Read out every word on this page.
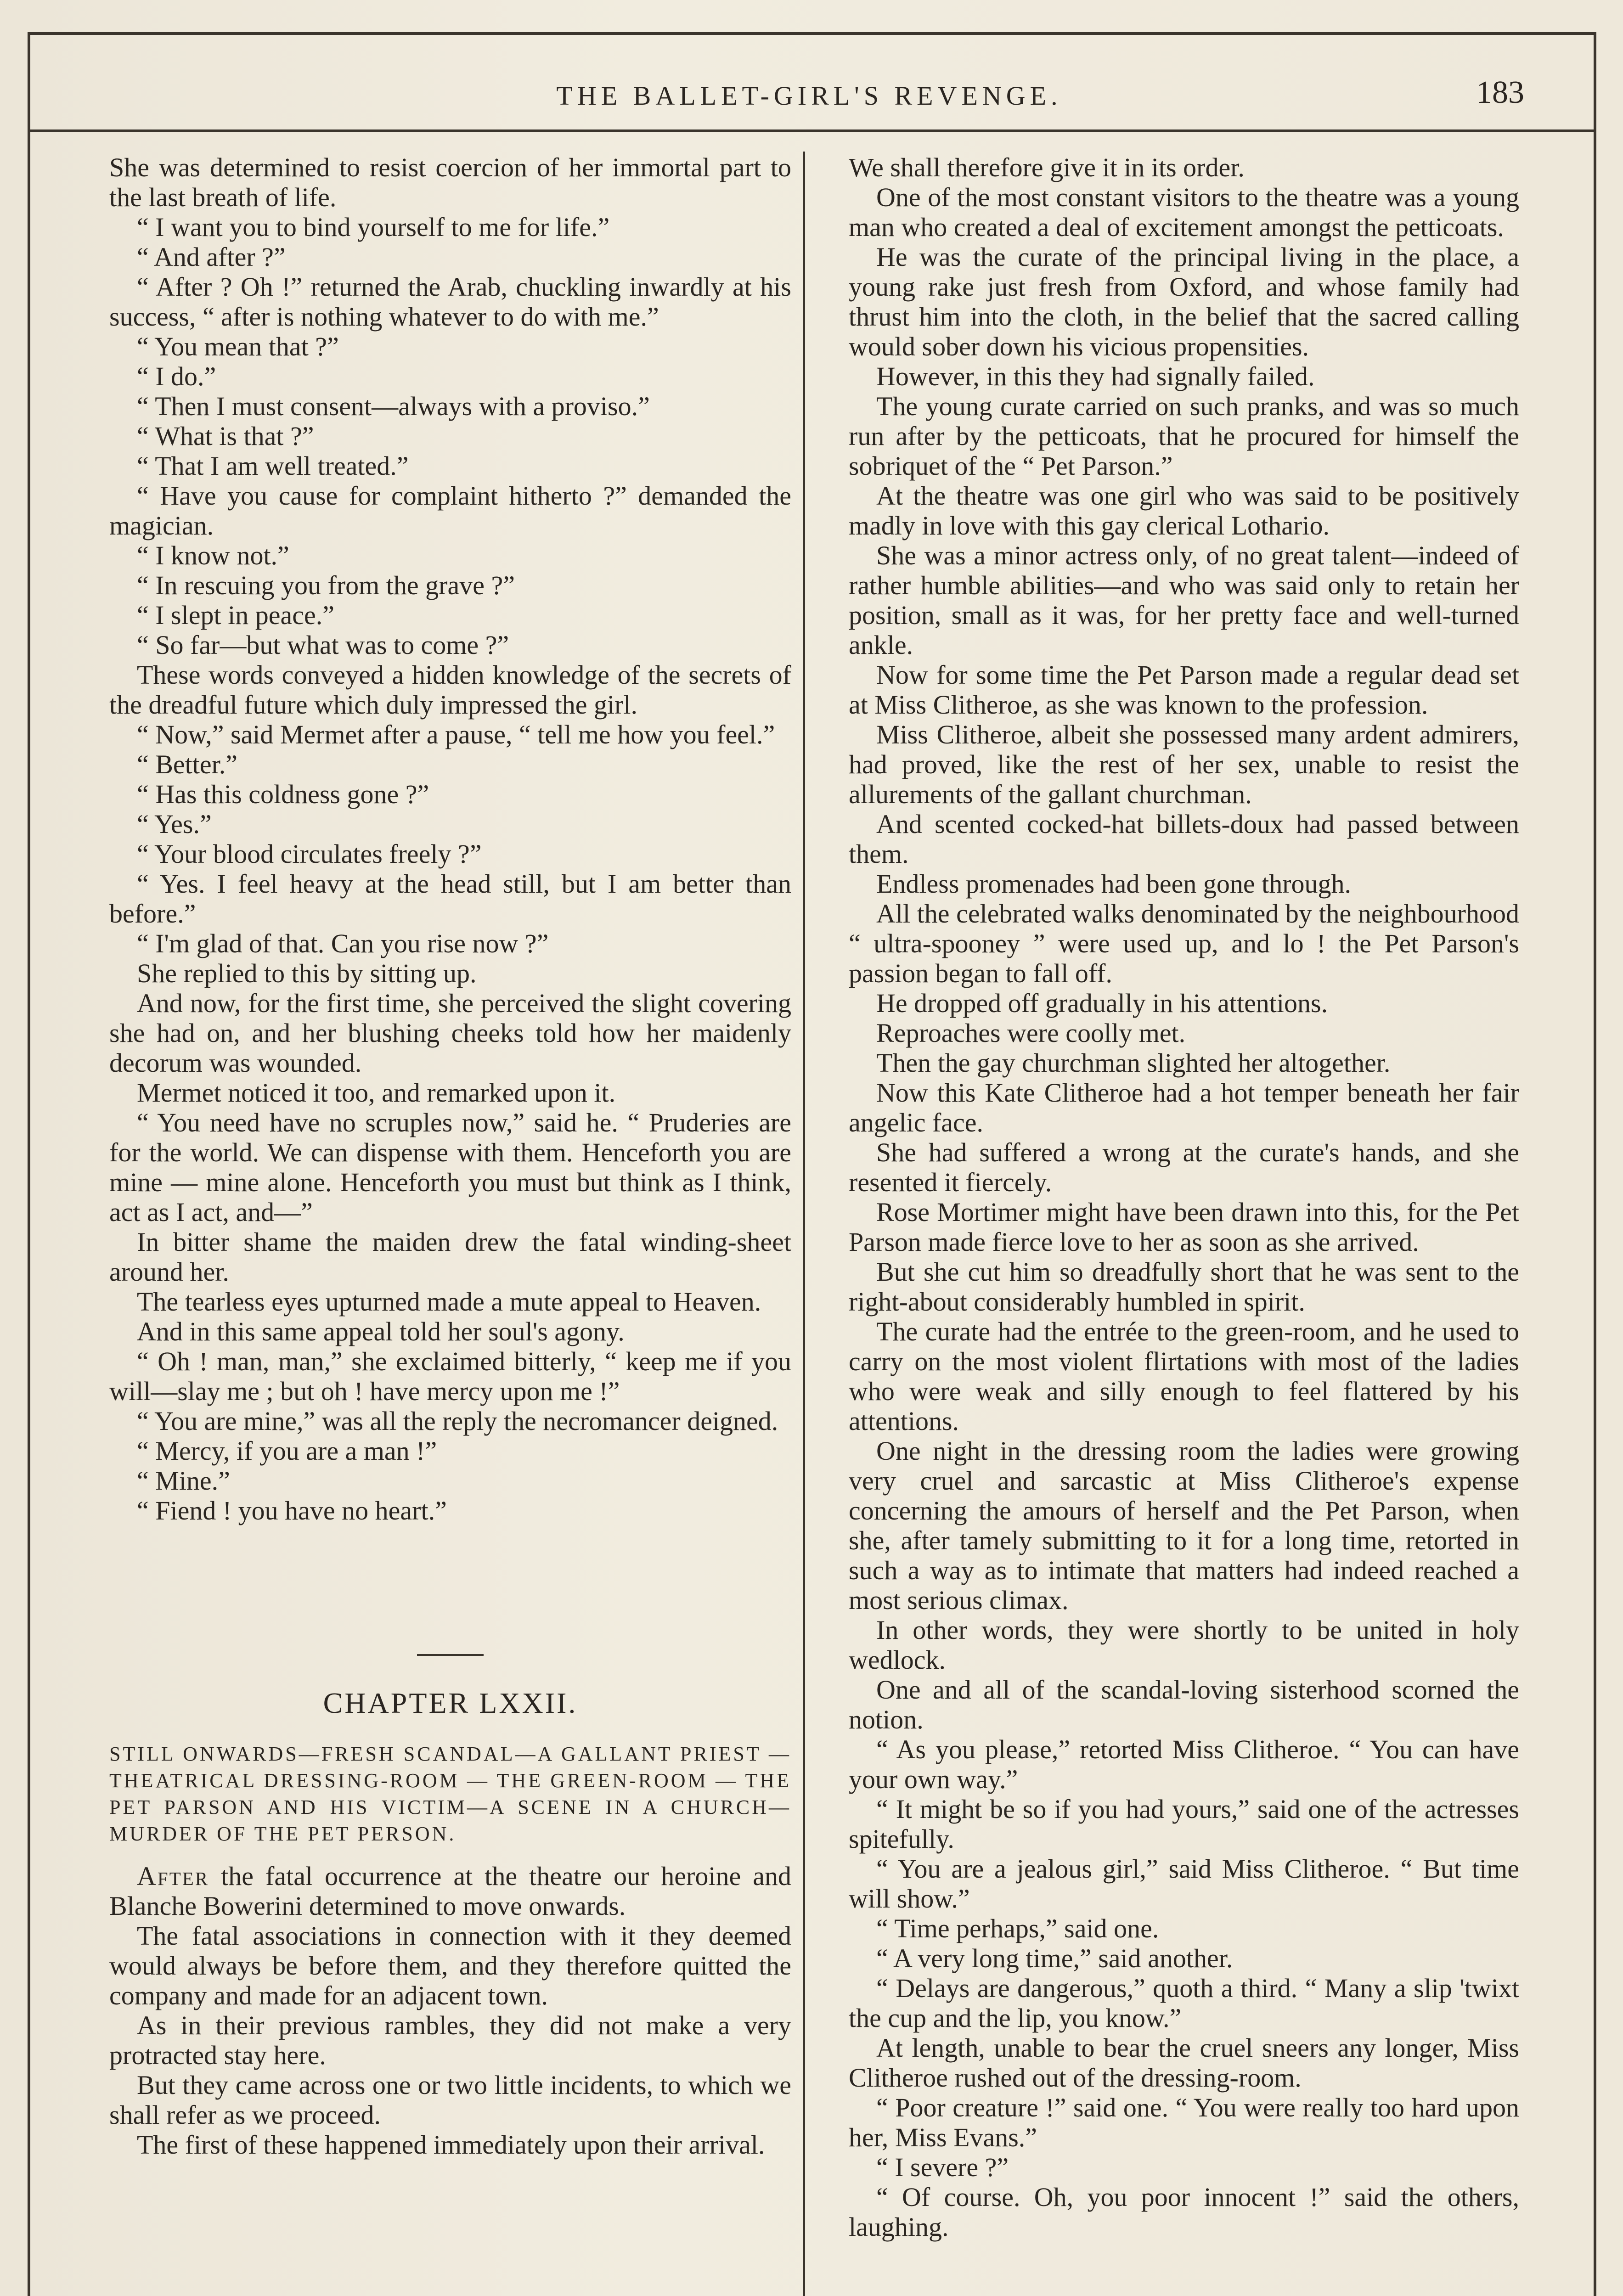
THE BALLET-GIRL'S REVENGE.	183

She was determined to resist coercion of her immortal part to the last breath of life.

“ I want you to bind yourself to me for life.”

“ And after ?”

“ After ? Oh !” returned the Arab, chuckling inwardly at his success, “ after is nothing whatever to do with me.”

“ You mean that ?”

“ I do.”

“ Then I must consent—always with a proviso.”

“ What is that ?”

“ That I am well treated.”

“ Have you cause for complaint hitherto ?” demanded the magician.

“ I know not.”

“ In rescuing you from the grave ?”

“ I slept in peace.”

“ So far—but what was to come ?”

These words conveyed a hidden knowledge of the secrets of the dreadful future which duly impressed the girl.

“ Now,” said Mermet after a pause, “ tell me how you feel.”

“ Better.”

“ Has this coldness gone ?”

“ Yes.”

“ Your blood circulates freely ?”

“ Yes. I feel heavy at the head still, but I am better than before.”

“ I'm glad of that. Can you rise now ?”

She replied to this by sitting up.

And now, for the first time, she perceived the slight covering she had on, and her blushing cheeks told how her maidenly decorum was wounded.

Mermet noticed it too, and remarked upon it.

“ You need have no scruples now,” said he. “ Pruderies are for the world. We can dispense with them. Henceforth you are mine — mine alone. Henceforth you must but think as I think, act as I act, and—”

In bitter shame the maiden drew the fatal winding-sheet around her.

The tearless eyes upturned made a mute appeal to Heaven.

And in this same appeal told her soul's agony.

“ Oh ! man, man,” she exclaimed bitterly, “ keep me if you will—slay me ; but oh ! have mercy upon me !”

“ You are mine,” was all the reply the necromancer deigned.

“ Mercy, if you are a man !”

“ Mine.”

“ Fiend ! you have no heart.”

CHAPTER LXXII.

STILL ONWARDS—FRESH SCANDAL—A GALLANT PRIEST — THEATRICAL DRESSING-ROOM — THE GREEN-ROOM — THE PET PARSON AND HIS VICTIM—A SCENE IN A CHURCH—MURDER OF THE PET PERSON.

After the fatal occurrence at the theatre our heroine and Blanche Bowerini determined to move onwards.

The fatal associations in connection with it they deemed would always be before them, and they therefore quitted the company and made for an adjacent town.

As in their previous rambles, they did not make a very protracted stay here.

But they came across one or two little incidents, to which we shall refer as we proceed.

The first of these happened immediately upon their arrival.

We shall therefore give it in its order.

One of the most constant visitors to the theatre was a young man who created a deal of excitement amongst the petticoats.

He was the curate of the principal living in the place, a young rake just fresh from Oxford, and whose family had thrust him into the cloth, in the belief that the sacred calling would sober down his vicious propensities.

However, in this they had signally failed.

The young curate carried on such pranks, and was so much run after by the petticoats, that he procured for himself the sobriquet of the “ Pet Parson.”

At the theatre was one girl who was said to be positively madly in love with this gay clerical Lothario.

She was a minor actress only, of no great talent—indeed of rather humble abilities—and who was said only to retain her position, small as it was, for her pretty face and well-turned ankle.

Now for some time the Pet Parson made a regular dead set at Miss Clitheroe, as she was known to the profession.

Miss Clitheroe, albeit she possessed many ardent admirers, had proved, like the rest of her sex, unable to resist the allurements of the gallant churchman.

And scented cocked-hat billets-doux had passed between them.

Endless promenades had been gone through.

All the celebrated walks denominated by the neighbourhood “ ultra-spooney ” were used up, and lo ! the Pet Parson's passion began to fall off.

He dropped off gradually in his attentions.

Reproaches were coolly met.

Then the gay churchman slighted her altogether.

Now this Kate Clitheroe had a hot temper beneath her fair angelic face.

She had suffered a wrong at the curate's hands, and she resented it fiercely.

Rose Mortimer might have been drawn into this, for the Pet Parson made fierce love to her as soon as she arrived.

But she cut him so dreadfully short that he was sent to the right-about considerably humbled in spirit.

The curate had the entrée to the green-room, and he used to carry on the most violent flirtations with most of the ladies who were weak and silly enough to feel flattered by his attentions.

One night in the dressing room the ladies were growing very cruel and sarcastic at Miss Clitheroe's expense concerning the amours of herself and the Pet Parson, when she, after tamely submitting to it for a long time, retorted in such a way as to intimate that matters had indeed reached a most serious climax.

In other words, they were shortly to be united in holy wedlock.

One and all of the scandal-loving sisterhood scorned the notion.

“ As you please,” retorted Miss Clitheroe. “ You can have your own way.”

“ It might be so if you had yours,” said one of the actresses spitefully.

“ You are a jealous girl,” said Miss Clitheroe. “ But time will show.”

“ Time perhaps,” said one.

“ A very long time,” said another.

“ Delays are dangerous,” quoth a third. “ Many a slip 'twixt the cup and the lip, you know.”

At length, unable to bear the cruel sneers any longer, Miss Clitheroe rushed out of the dressing-room.

“ Poor creature !” said one. “ You were really too hard upon her, Miss Evans.”

“ I severe ?”

“ Of course. Oh, you poor innocent !” said the others, laughing.
